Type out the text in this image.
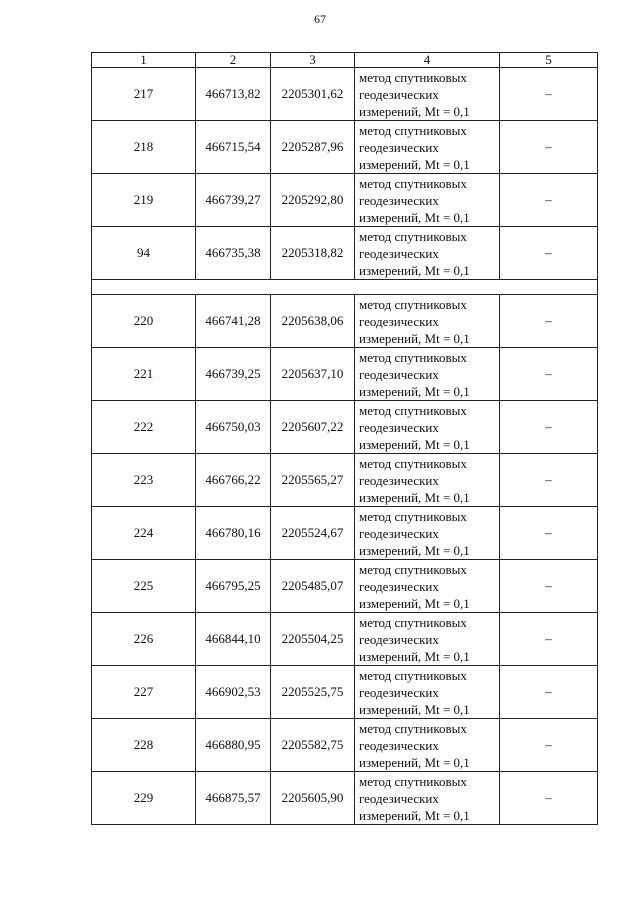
67
1	2	3	4	5
217	466713,82	2205301,62	метод спутниковых
геодезических
измерений, Mt = 0,1	–
218	466715,54	2205287,96	метод спутниковых
геодезических
измерений, Mt = 0,1	–
219	466739,27	2205292,80	метод спутниковых
геодезических
измерений, Mt = 0,1	–
94	466735,38	2205318,82	метод спутниковых
геодезических
измерений, Mt = 0,1	–

220	466741,28	2205638,06	метод спутниковых
геодезических
измерений, Mt = 0,1	–
221	466739,25	2205637,10	метод спутниковых
геодезических
измерений, Mt = 0,1	–
222	466750,03	2205607,22	метод спутниковых
геодезических
измерений, Mt = 0,1	–
223	466766,22	2205565,27	метод спутниковых
геодезических
измерений, Mt = 0,1	–
224	466780,16	2205524,67	метод спутниковых
геодезических
измерений, Mt = 0,1	–
225	466795,25	2205485,07	метод спутниковых
геодезических
измерений, Mt = 0,1	–
226	466844,10	2205504,25	метод спутниковых
геодезических
измерений, Mt = 0,1	–
227	466902,53	2205525,75	метод спутниковых
геодезических
измерений, Mt = 0,1	–
228	466880,95	2205582,75	метод спутниковых
геодезических
измерений, Mt = 0,1	–
229	466875,57	2205605,90	метод спутниковых
геодезических
измерений, Mt = 0,1	–
